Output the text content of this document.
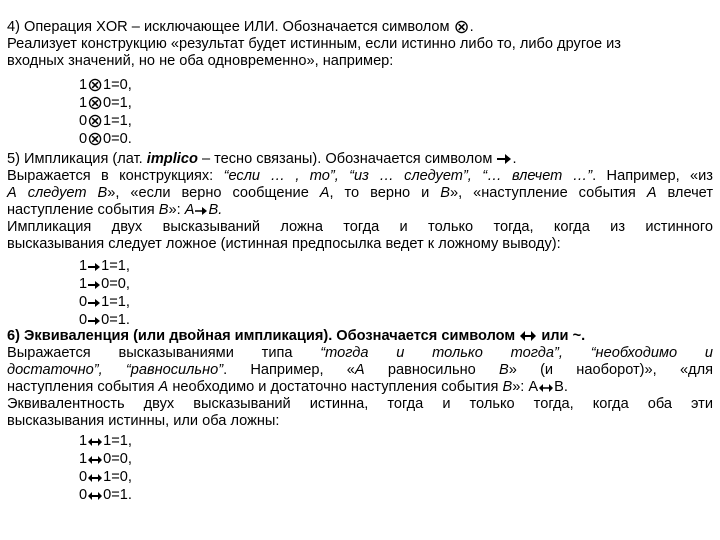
4) Операция XOR – исключающее ИЛИ. Обозначается символом ⊗.
Реализует конструкцию «результат будет истинным, если истинно либо то, либо другое из
входных значений, но не оба одновременно», например:
1⊗1=0,
1⊗0=1,
0⊗1=1,
0⊗0=0.
5) Импликация (лат. implico – тесно связаны). Обозначается символом .
Выражается в конструкциях: “если … , то”, “из … следует”, “… влечет …”. Например, «из
А следует В», «если верно сообщение А, то верно и В», «наступление события А влечет
наступление события В»: А В.
Импликация двух высказываний ложна тогда и только тогда, когда из истинного
высказывания следует ложное (истинная предпосылка ведет к ложному выводу):
1 1=1,
1 0=0,
0 1=1,
0 0=1.
6) Эквиваленция (или двойная импликация). Обозначается символом или ~.
Выражается высказываниями типа “тогда и только тогда”, “необходимо и
достаточно”, “равносильно”. Например, «А равносильно В» (и наоборот)», «для
наступления события А необходимо и достаточно наступления события В»: А В.
Эквивалентность двух высказываний истинна, тогда и только тогда, когда оба эти
высказывания истинны, или оба ложны:
1 1=1,
1 0=0,
0 1=0,
0 0=1.
